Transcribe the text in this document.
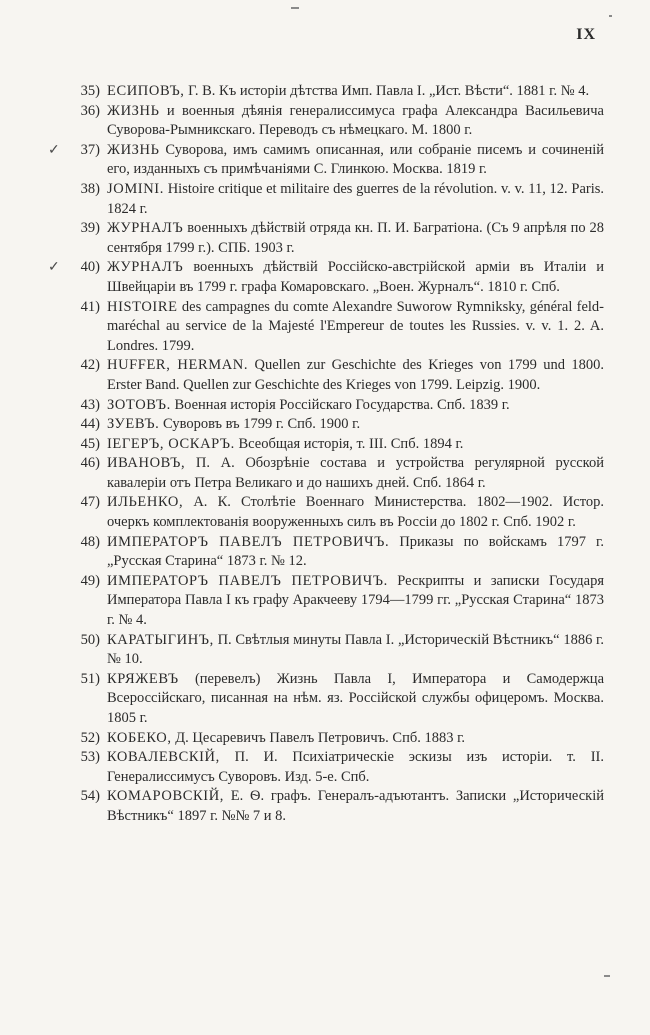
IX
35) ЕСИПОВЪ, Г. В. Къ исторіи дѣтства Имп. Павла I. „Ист. Вѣсти“. 1881 г. № 4.
36) ЖИЗНЬ и военныя дѣянія генералиссимуса графа Александра Васильевича Суворова-Рымникскаго. Переводъ съ нѣмецкаго. М. 1800 г.
✓	37) ЖИЗНЬ Суворова, имъ самимъ описанная, или собраніе писемъ и сочиненій его, изданныхъ съ примѣчаніями С. Глинкою. Москва. 1819 г.
38) JOMINI. Histoire critique et militaire des guerres de la révolution. v. v. 11, 12. Paris. 1824 г.
39) ЖУРНАЛЪ военныхъ дѣйствій отряда кн. П. И. Багратіона. (Съ 9 апрѣля по 28 сентября 1799 г.). СПБ. 1903 г.
✓	40) ЖУРНАЛЪ военныхъ дѣйствій Россійско-австрійской арміи въ Италіи и Швейцаріи въ 1799 г. графа Комаровскаго. „Воен. Журналъ“. 1810 г. Спб.
41) HISTOIRE des campagnes du comte Alexandre Suworow Rymniksky, général feld-maréchal au service de la Majesté l'Empereur de toutes les Russies. v. v. 1. 2. A. Londres. 1799.
42) HUFFER, HERMAN. Quellen zur Geschichte des Krieges von 1799 und 1800. Erster Band. Quellen zur Geschichte des Krieges von 1799. Leipzig. 1900.
43) ЗОТОВЪ. Военная исторія Россійскаго Государства. Спб. 1839 г.
44) ЗУЕВЪ. Суворовъ въ 1799 г. Спб. 1900 г.
45) ІЕГЕРЪ, ОСКАРЪ. Всеобщая исторія, т. III. Спб. 1894 г.
46) ИВАНОВЪ, П. А. Обозрѣніе состава и устройства регулярной русской кавалеріи отъ Петра Великаго и до нашихъ дней. Спб. 1864 г.
47) ИЛЬЕНКО, А. К. Столѣтіе Военнаго Министерства. 1802—1902. Истор. очеркъ комплектованія вооруженныхъ силъ въ Россіи до 1802 г. Спб. 1902 г.
48) ИМПЕРАТОРЪ ПАВЕЛЪ ПЕТРОВИЧЪ. Приказы по войскамъ 1797 г. „Русская Старина“ 1873 г. № 12.
49) ИМПЕРАТОРЪ ПАВЕЛЪ ПЕТРОВИЧЪ. Рескрипты и записки Государя Императора Павла I къ графу Аракчееву 1794—1799 гг. „Русская Старина“ 1873 г. № 4.
50) КАРАТЫГИНЪ, П. Свѣтлыя минуты Павла I. „Историческій Вѣстникъ“ 1886 г. № 10.
51) КРЯЖЕВЪ (перевелъ) Жизнь Павла I, Императора и Самодержца Всероссійскаго, писанная на нѣм. яз. Россійской службы офицеромъ. Москва. 1805 г.
52) КОБЕКО, Д. Цесаревичъ Павелъ Петровичъ. Спб. 1883 г.
53) КОВАЛЕВСКІЙ, П. И. Психіатрическіе эскизы изъ исторіи. т. II. Генералиссимусъ Суворовъ. Изд. 5-е. Спб.
54) КОМАРОВСКІЙ, Е. Ѳ. графъ. Генералъ-адъютантъ. Записки „Историческій Вѣстникъ“ 1897 г. №№ 7 и 8.
